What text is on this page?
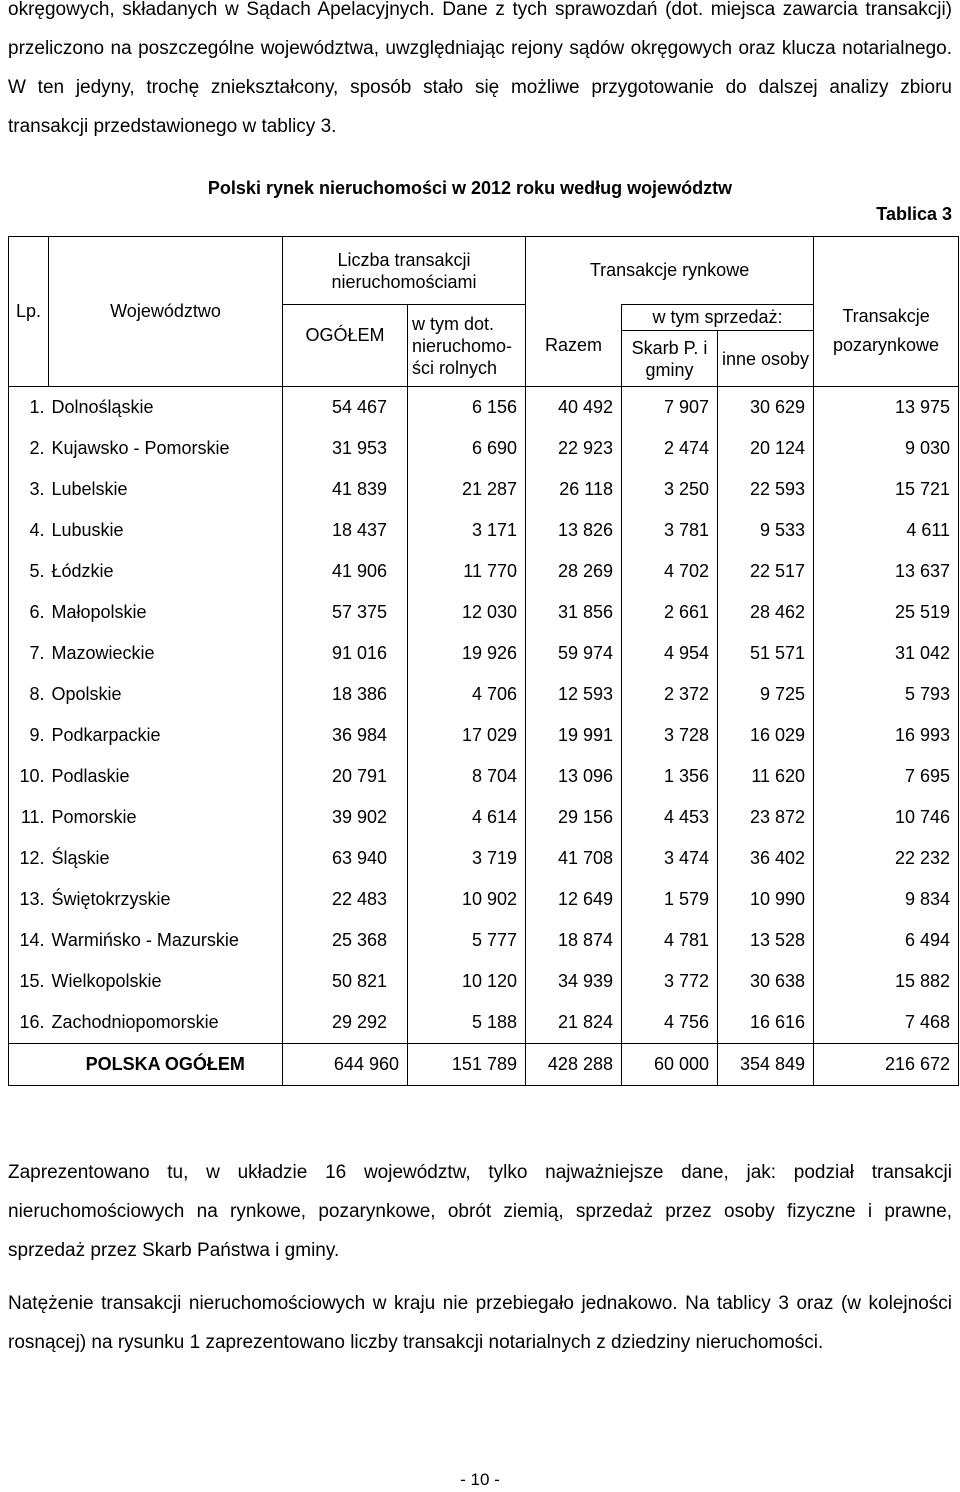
okręgowych, składanych w Sądach Apelacyjnych. Dane z tych sprawozdań (dot. miejsca zawarcia transakcji) przeliczono na poszczególne województwa, uwzględniając rejony sądów okręgowych oraz klucza notarialnego. W ten jedyny, trochę zniekształcony, sposób stało się możliwe przygotowanie do dalszej analizy zbioru transakcji przedstawionego w tablicy 3.

Polski rynek nieruchomości w 2012 roku według województw

Tablica 3
Lp.	Województwo	Liczba transakcji nieruchomościami		Transakcje rynkowe			Transakcje
		OGÓŁEM	w tym dot. nieruchomo- ści rolnych	Razem	w tym sprzedaż:		
					Skarb P. i gminy	inne osoby	pozarynkowe
1.	Dolnośląskie	54 467	6 156	40 492	7 907	30 629	13 975
2.	Kujawsko - Pomorskie	31 953	6 690	22 923	2 474	20 124	9 030
3.	Lubelskie	41 839	21 287	26 118	3 250	22 593	15 721
4.	Lubuskie	18 437	3 171	13 826	3 781	9 533	4 611
5.	Łódzkie	41 906	11 770	28 269	4 702	22 517	13 637
6.	Małopolskie	57 375	12 030	31 856	2 661	28 462	25 519
7.	Mazowieckie	91 016	19 926	59 974	4 954	51 571	31 042
8.	Opolskie	18 386	4 706	12 593	2 372	9 725	5 793
9.	Podkarpackie	36 984	17 029	19 991	3 728	16 029	16 993
10.	Podlaskie	20 791	8 704	13 096	1 356	11 620	7 695
11.	Pomorskie	39 902	4 614	29 156	4 453	23 872	10 746
12.	Śląskie	63 940	3 719	41 708	3 474	36 402	22 232
13.	Świętokrzyskie	22 483	10 902	12 649	1 579	10 990	9 834
14.	Warmińsko - Mazurskie	25 368	5 777	18 874	4 781	13 528	6 494
15.	Wielkopolskie	50 821	10 120	34 939	3 772	30 638	15 882
16.	Zachodniopomorskie	29 292	5 188	21 824	4 756	16 616	7 468
	POLSKA OGÓŁEM	644 960	151 789	428 288	60 000	354 849	216 672

Zaprezentowano tu, w układzie 16 województw, tylko najważniejsze dane, jak: podział transakcji nieruchomościowych na rynkowe, pozarynkowe, obrót ziemią, sprzedaż przez osoby fizyczne i prawne, sprzedaż przez Skarb Państwa i gminy.

Natężenie transakcji nieruchomościowych w kraju nie przebiegało jednakowo. Na tablicy 3 oraz (w kolejności rosnącej) na rysunku 1 zaprezentowano liczby transakcji notarialnych z dziedziny nieruchomości.

- 10 -
